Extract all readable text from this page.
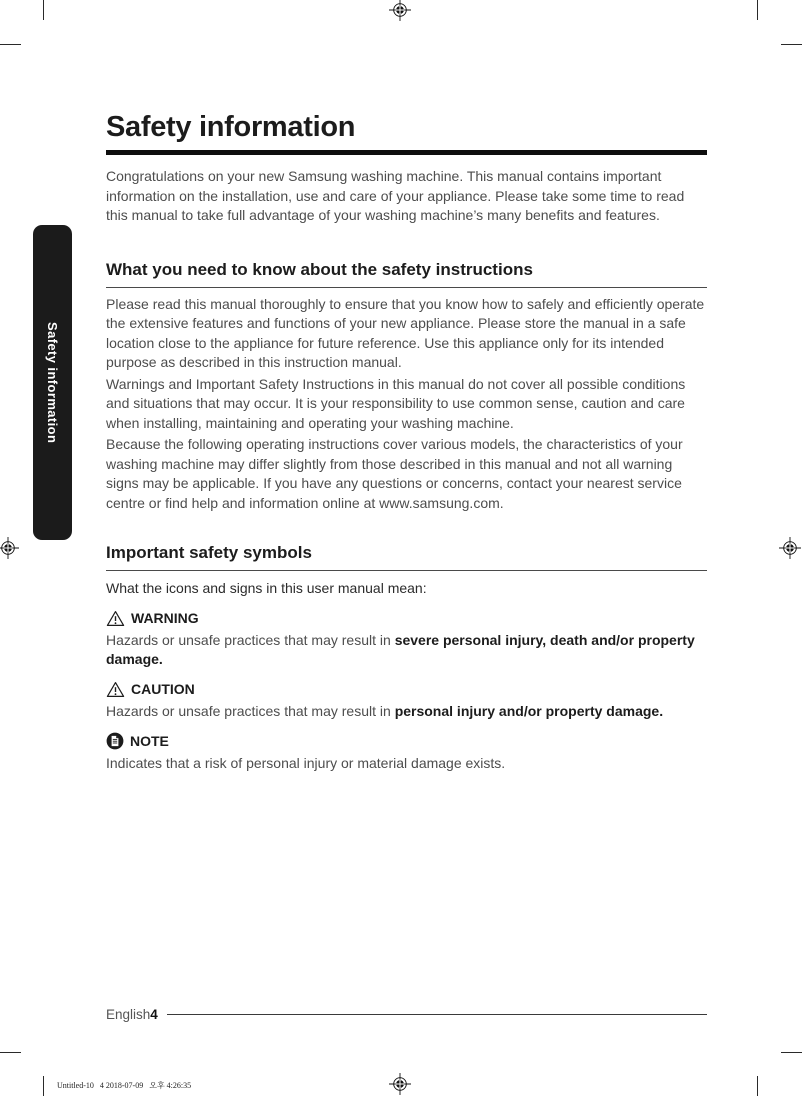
Safety information
Safety information

Congratulations on your new Samsung washing machine. This manual contains important information on the installation, use and care of your appliance. Please take some time to read this manual to take full advantage of your washing machine’s many benefits and features.

What you need to know about the safety instructions

Please read this manual thoroughly to ensure that you know how to safely and efficiently operate the extensive features and functions of your new appliance. Please store the manual in a safe location close to the appliance for future reference. Use this appliance only for its intended purpose as described in this instruction manual.

Warnings and Important Safety Instructions in this manual do not cover all possible conditions and situations that may occur. It is your responsibility to use common sense, caution and care when installing, maintaining and operating your washing machine.

Because the following operating instructions cover various models, the characteristics of your washing machine may differ slightly from those described in this manual and not all warning signs may be applicable. If you have any questions or concerns, contact your nearest service centre or find help and information online at www.samsung.com.

Important safety symbols

What the icons and signs in this user manual mean:

WARNING

Hazards or unsafe practices that may result in severe personal injury, death and/or property damage.

CAUTION

Hazards or unsafe practices that may result in personal injury and/or property damage.

NOTE

Indicates that a risk of personal injury or material damage exists.

English 4
Untitled-10   4 2018-07-09   오후 4:26:35
